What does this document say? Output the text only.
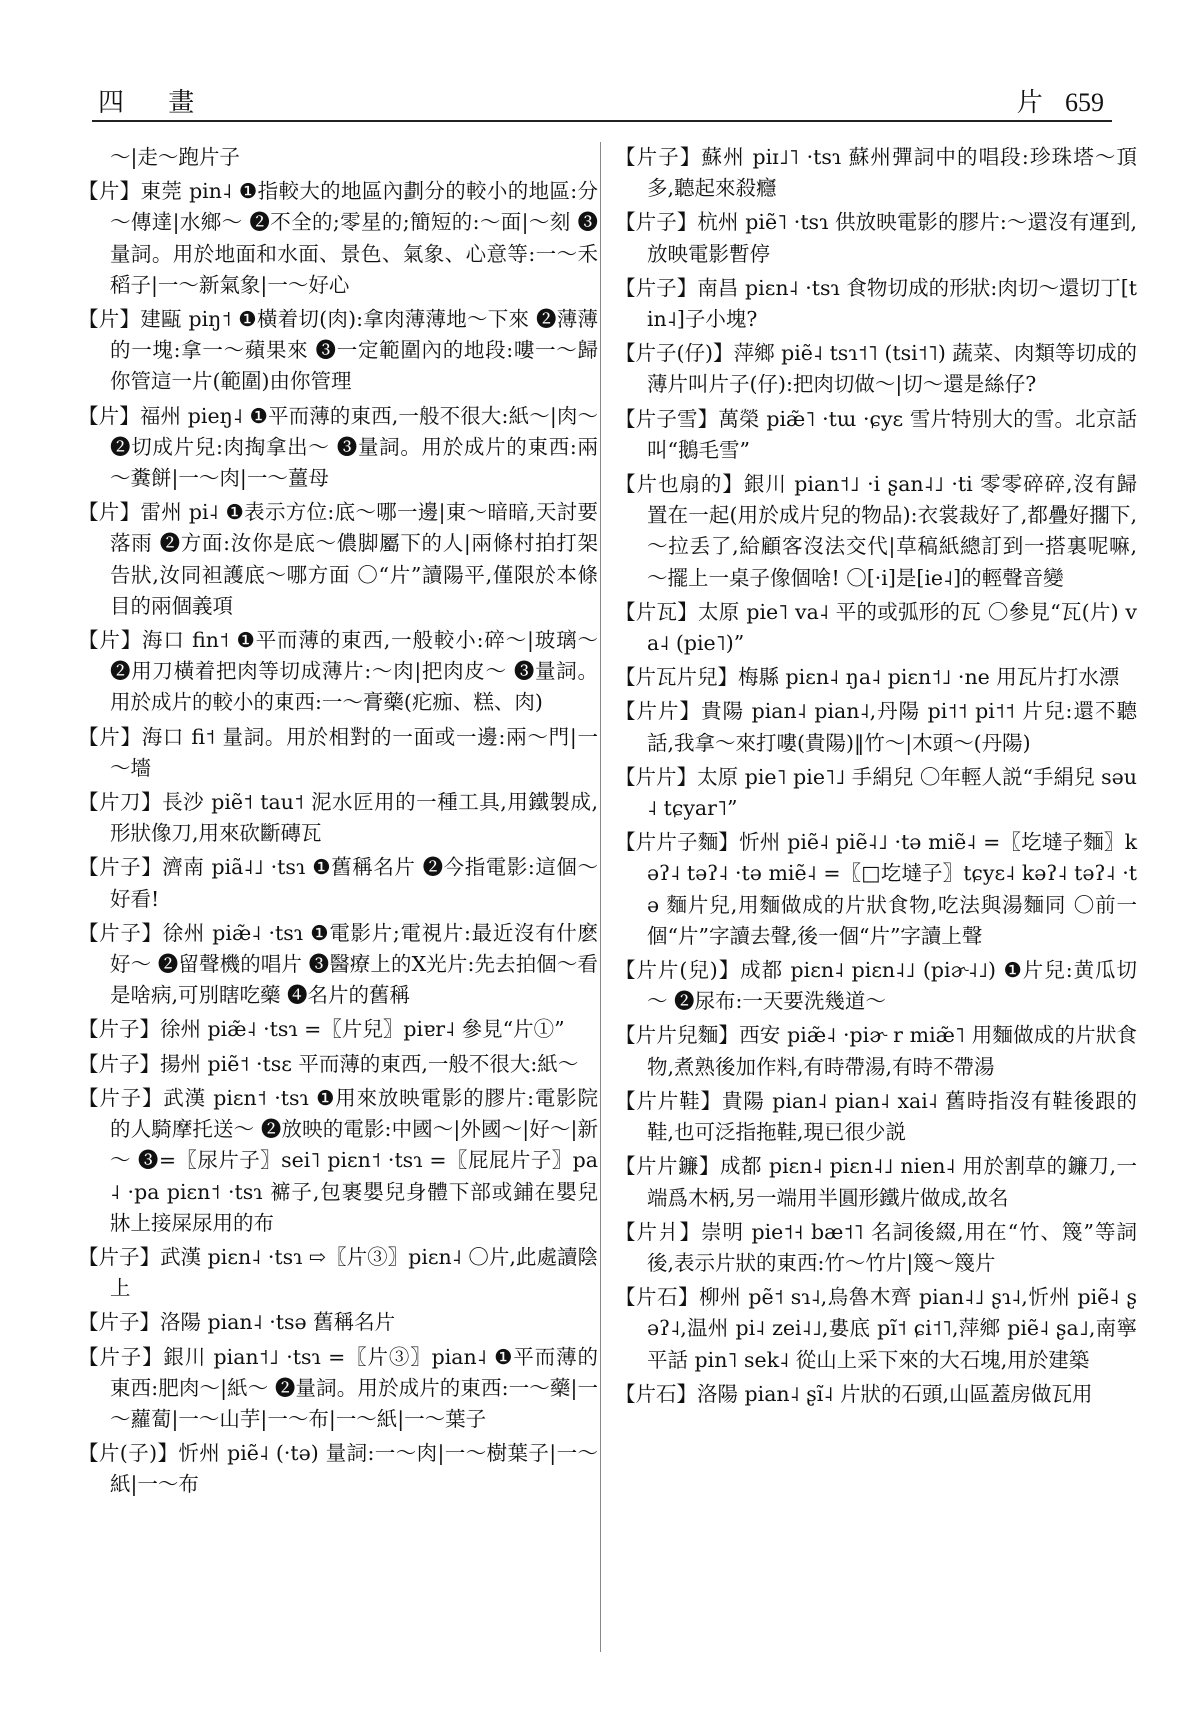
四 畫	片 659

～|走～跑片子

【片】東莞 pin˨ ❶指較大的地區內劃分的較小的地區:分～傳達|水鄉～ ❷不全的;零星的;簡短的:～面|～刻 ❸量詞。用於地面和水面、景色、氣象、心意等:一～禾稻子|一～新氣象|一～好心

【片】建甌 piŋ˦ ❶橫着切(肉):拿肉薄薄地～下來 ❷薄薄的一塊:拿一～蘋果來 ❸一定範圍內的地段:嘍一～歸你管這一片(範圍)由你管理

【片】福州 pieŋ˨ ❶平而薄的東西,一般不很大:紙～|肉～ ❷切成片兒:肉掏拿出～ ❸量詞。用於成片的東西:兩～糞餅|一～肉|一～薑母

【片】雷州 pi˨ ❶表示方位:底～哪一邊|東～暗暗,天討要落雨 ❷方面:汝你是底～儂脚屬下的人|兩條村拍打架告狀,汝同袒護底～哪方面 〇“片”讀陽平,僅限於本條目的兩個義項

【片】海口 fin˦ ❶平而薄的東西,一般較小:碎～|玻璃～ ❷用刀橫着把肉等切成薄片:～肉|把肉皮～ ❸量詞。用於成片的較小的東西:一～膏藥(疕痂、糕、肉)

【片】海口 fi˦ 量詞。用於相對的一面或一邊:兩～門|一～墻

【片刀】長沙 piẽ˦ tau˦ 泥水匠用的一種工具,用鐵製成,形狀像刀,用來砍斷磚瓦

【片子】濟南 piã˨˩ ·tsɿ ❶舊稱名片 ❷今指電影:這個～好看!

【片子】徐州 piæ̃˨ ·tsɿ ❶電影片;電視片:最近沒有什麽好～ ❷留聲機的唱片 ❸醫療上的X光片:先去拍個～看是啥病,可別瞎吃藥 ❹名片的舊稱

【片子】徐州 piæ̃˨ ·tsɿ =〖片兒〗piɐr˨ 參見“片①”

【片子】揚州 piẽ˦ ·tsɛ 平而薄的東西,一般不很大:紙～

【片子】武漢 piɛn˦ ·tsɿ ❶用來放映電影的膠片:電影院的人騎摩托送～ ❷放映的電影:中國～|外國～|好～|新～ ❸=〖尿片子〗sei˥ piɛn˦ ·tsɿ =〖屁屁片子〗pa˨ ·pa piɛn˦ ·tsɿ 褯子,包裹嬰兒身體下部或鋪在嬰兒牀上接屎尿用的布

【片子】武漢 piɛn˨ ·tsɿ ⇨〖片③〗piɛn˨ 〇片,此處讀陰上

【片子】洛陽 pian˨ ·tsə 舊稱名片

【片子】銀川 pian˦˩ ·tsɿ =〖片③〗pian˨ ❶平而薄的東西:肥肉～|紙～ ❷量詞。用於成片的東西:一～藥|一～蘿蔔|一～山芋|一～布|一～紙|一～葉子

【片(子)】忻州 piẽ˨ (·tə) 量詞:一～肉|一～樹葉子|一～紙|一～布

【片子】蘇州 piɪ˩˥ ·tsɿ 蘇州彈詞中的唱段:珍珠塔～頂多,聽起來殺癮

【片子】杭州 piẽ˥ ·tsɿ 供放映電影的膠片:～還沒有運到,放映電影暫停

【片子】南昌 piɛn˨ ·tsɿ 食物切成的形狀:肉切～還切丁[tin˨]子小塊?

【片子(仔)】萍鄉 piẽ˨ tsɿ˦˥ (tsi˦˥) 蔬菜、肉類等切成的薄片叫片子(仔):把肉切做～|切～還是絲仔?

【片子雪】萬榮 piæ̃˥ ·tɯ ·ɕyɛ 雪片特別大的雪。北京話叫“鵝毛雪”

【片也扇的】銀川 pian˦˩ ·i ʂan˨˩ ·ti 零零碎碎,沒有歸置在一起(用於成片兒的物品):衣裳裁好了,都疊好擱下,～拉丢了,給顧客沒法交代|草稿紙總訂到一搭裏呢嘛,～擺上一桌子像個啥! 〇[·i]是[ie˨]的輕聲音變

【片瓦】太原 pie˥ va˨ 平的或弧形的瓦 〇參見“瓦(片) va˨ (pie˥)”

【片瓦片兒】梅縣 piɛn˨ ŋa˨ piɛn˦˩ ·ne 用瓦片打水漂

【片片】貴陽 pian˨ pian˨,丹陽 pi˦˦ pi˦˦ 片兒:還不聽話,我拿～來打嘍(貴陽)‖竹～|木頭～(丹陽)

【片片】太原 pie˥ pie˥˩ 手絹兒 〇年輕人説“手絹兒 səu˨ tɕyar˥”

【片片子麵】忻州 piẽ˨ piẽ˨˩ ·tə miẽ˨ =〖圪墶子麵〗kəʔ˨ təʔ˨ ·tə miẽ˨ =〖□圪墶子〗tɕyɛ˨ kəʔ˨ təʔ˨ ·tə 麵片兒,用麵做成的片狀食物,吃法與湯麵同 〇前一個“片”字讀去聲,後一個“片”字讀上聲

【片片(兒)】成都 piɛn˨ piɛn˨˩ (piɚ˨˩) ❶片兒:黄瓜切～ ❷尿布:一天要洗幾道～

【片片兒麵】西安 piæ̃˨ ·piɚ r miæ̃˥ 用麵做成的片狀食物,煮熟後加作料,有時帶湯,有時不帶湯

【片片鞋】貴陽 pian˨ pian˨ xai˨ 舊時指沒有鞋後跟的鞋,也可泛指拖鞋,現已很少説

【片片鐮】成都 piɛn˨ piɛn˨˩ nien˨ 用於割草的鐮刀,一端爲木柄,另一端用半圓形鐵片做成,故名

【片爿】崇明 pie˦˧ bæ˦˥ 名詞後綴,用在“竹、篾”等詞後,表示片狀的東西:竹～竹片|篾～篾片

【片石】柳州 pẽ˦ sɿ˨,烏魯木齊 pian˨˩ ʂɿ˨,忻州 piẽ˨ ʂəʔ˨,温州 pi˨ zei˨˩,婁底 pĩ˦ ɕi˦˥,萍鄉 piẽ˨ ʂa˩,南寧平話 pin˥ sek˨ 從山上采下來的大石塊,用於建築

【片石】洛陽 pian˨ ʂĩ˨ 片狀的石頭,山區蓋房做瓦用
